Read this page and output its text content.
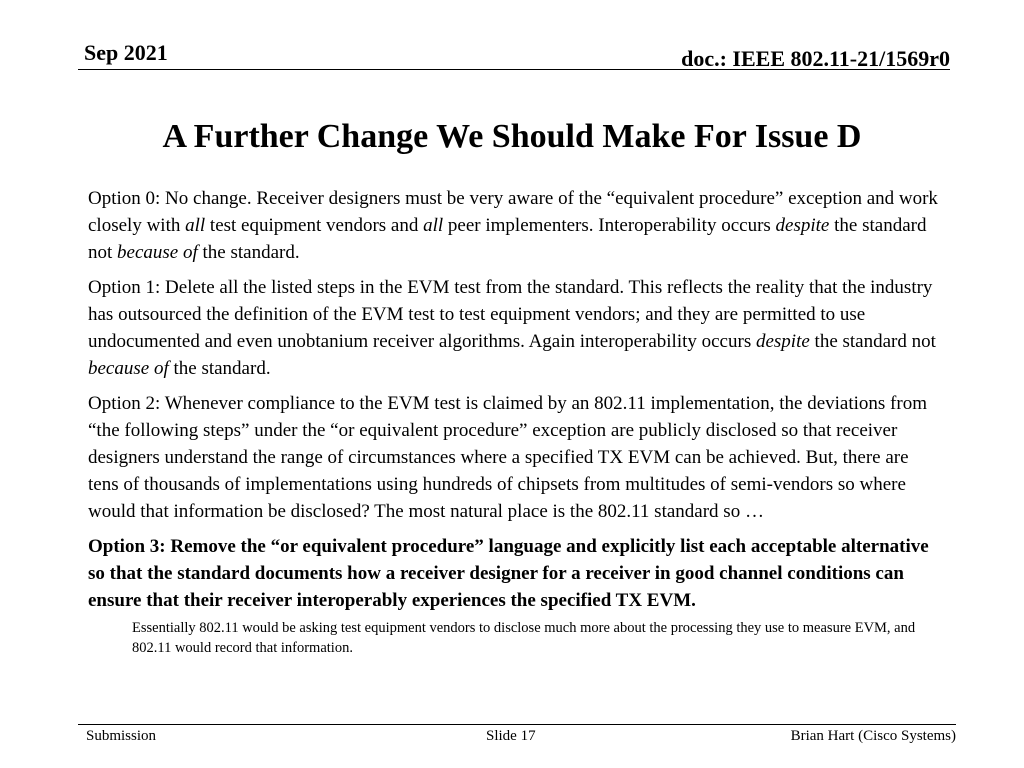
Sep 2021	doc.: IEEE 802.11-21/1569r0
A Further Change We Should Make For Issue D

Option 0: No change. Receiver designers must be very aware of the “equivalent procedure” exception and work closely with all test equipment vendors and all peer implementers. Interoperability occurs despite the standard not because of the standard.

Option 1: Delete all the listed steps in the EVM test from the standard. This reflects the reality that the industry has outsourced the definition of the EVM test to test equipment vendors; and they are permitted to use undocumented and even unobtanium receiver algorithms. Again interoperability occurs despite the standard not because of the standard.

Option 2: Whenever compliance to the EVM test is claimed by an 802.11 implementation, the deviations from “the following steps” under the “or equivalent procedure” exception are publicly disclosed so that receiver designers understand the range of circumstances where a specified TX EVM can be achieved. But, there are tens of thousands of implementations using hundreds of chipsets from multitudes of semi-vendors so where would that information be disclosed? The most natural place is the 802.11 standard so …

Option 3: Remove the “or equivalent procedure” language and explicitly list each acceptable alternative so that the standard documents how a receiver designer for a receiver in good channel conditions can ensure that their receiver interoperably experiences the specified TX EVM.

Essentially 802.11 would be asking test equipment vendors to disclose much more about the processing they use to measure EVM, and 802.11 would record that information.

Submission	Slide 17	Brian Hart (Cisco Systems)
